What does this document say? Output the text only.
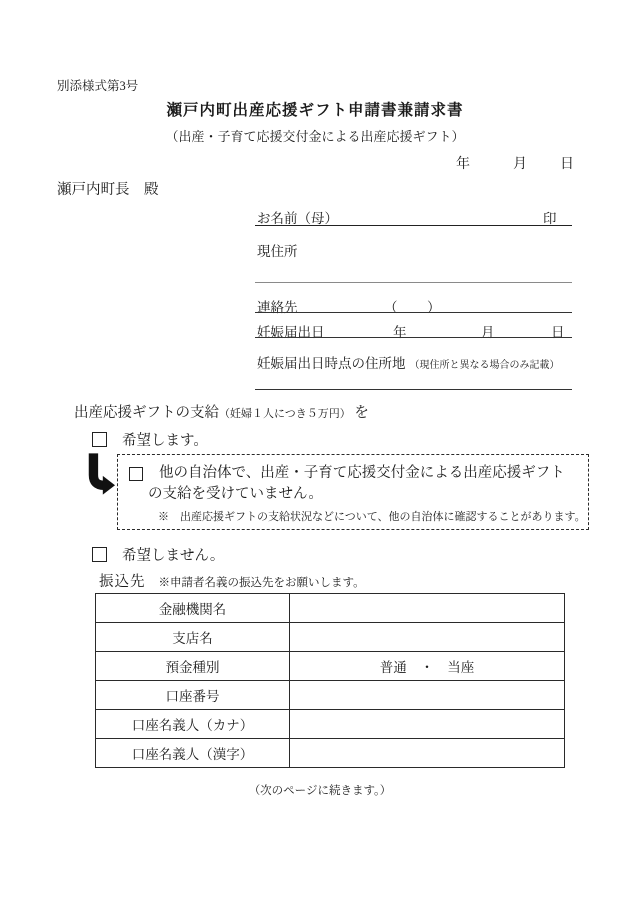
別添様式第3号
瀬戸内町出産応援ギフト申請書兼請求書
（出産・子育て応援交付金による出産応援ギフト）
年	月 日
瀬戸内町長　殿
お名前（母）	印
現住所
連絡先	（ ）
妊娠届出日	年	月	日
妊娠届出日時点の住所地 （現住所と異なる場合のみ記載）
出産応援ギフトの支給（妊婦１人につき５万円） を
希望します。
他の自治体で、出産・子育て応援交付金による出産応援ギフト
の支給を受けていません。
※　出産応援ギフトの支給状況などについて、他の自治体に確認することがあります。
希望しません。
振込先 ※申請者名義の振込先をお願いします。
金融機関名	
支店名	
預金種別	普通　・　当座
口座番号	
口座名義人（カナ）	
口座名義人（漢字）	
（次のページに続きます。）
